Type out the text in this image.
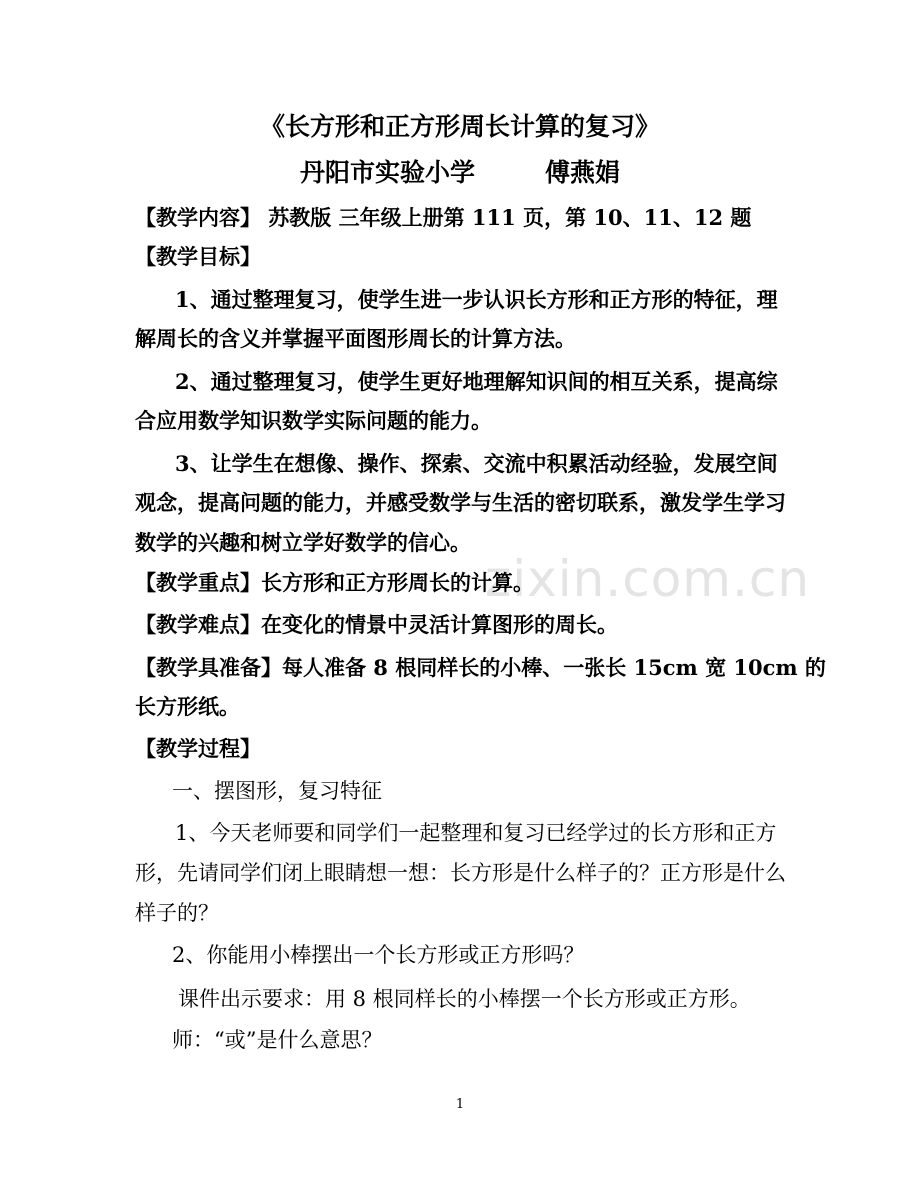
zixin.com.cn
《长方形和正方形周长计算的复习》
丹阳市实验小学	傅燕娟
【教学内容】 苏教版 三年级上册第 111 页，第 10、11、12 题
【教学目标】
1、通过整理复习，使学生进一步认识长方形和正方形的特征，理
解周长的含义并掌握平面图形周长的计算方法。
2、通过整理复习，使学生更好地理解知识间的相互关系，提高综
合应用数学知识数学实际问题的能力。
3、让学生在想像、操作、探索、交流中积累活动经验，发展空间
观念，提高问题的能力，并感受数学与生活的密切联系，激发学生学习
数学的兴趣和树立学好数学的信心。
【教学重点】长方形和正方形周长的计算。
【教学难点】在变化的情景中灵活计算图形的周长。
【教学具准备】每人准备 8 根同样长的小棒、一张长 15cm 宽 10cm 的
长方形纸。
【教学过程】
一、摆图形，复习特征
1、今天老师要和同学们一起整理和复习已经学过的长方形和正方
形，先请同学们闭上眼睛想一想：长方形是什么样子的？正方形是什么
样子的？
2、你能用小棒摆出一个长方形或正方形吗？
课件出示要求：用 8 根同样长的小棒摆一个长方形或正方形。
师：“或”是什么意思？
1
